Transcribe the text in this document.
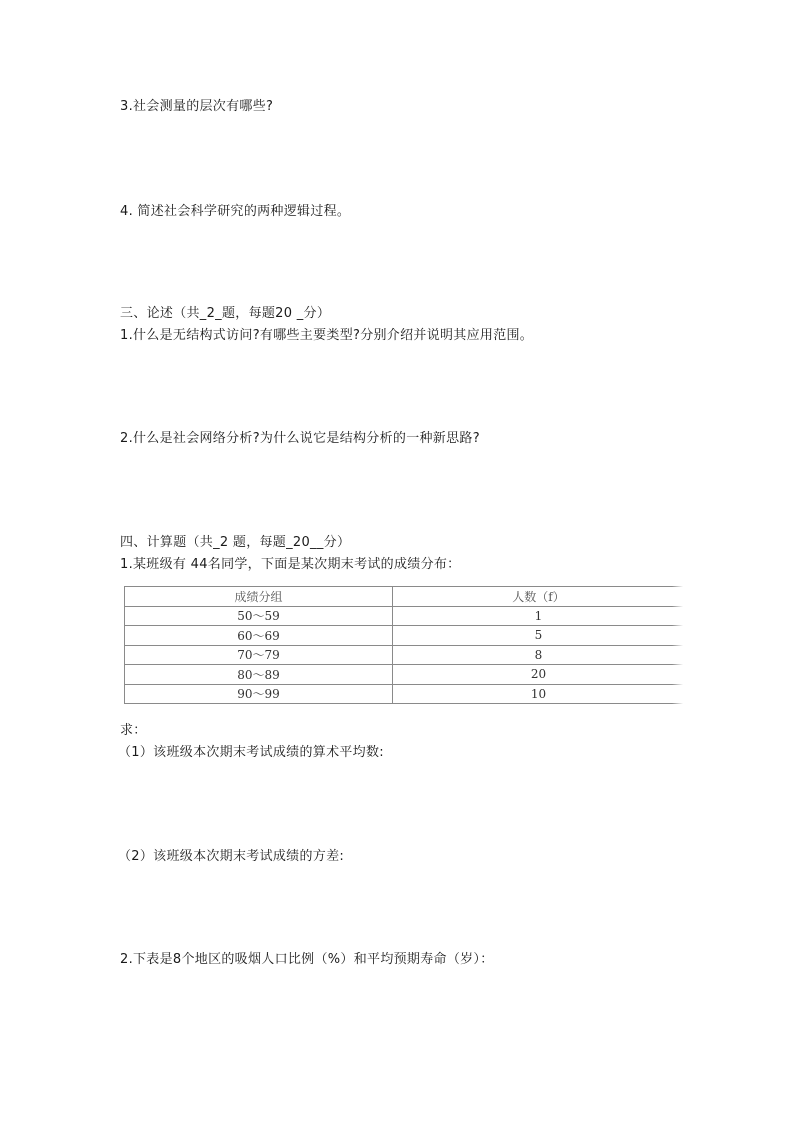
3.社会测量的层次有哪些?
4. 简述社会科学研究的两种逻辑过程。
三、论述（共_2_题，每题20 _分）
1.什么是无结构式访问?有哪些主要类型?分别介绍并说明其应用范围。
2.什么是社会网络分析?为什么说它是结构分析的一种新思路?
四、计算题（共_2 题，每题_20__分）
1.某班级有 44名同学，下面是某次期末考试的成绩分布：
成绩分组	人数（f）
50～59	1
60～69	5
70～79	8
80～89	20
90～99	10
求：
（1）该班级本次期末考试成绩的算术平均数:
（2）该班级本次期末考试成绩的方差:
2.下表是8个地区的吸烟人口比例（%）和平均预期寿命（岁）：
